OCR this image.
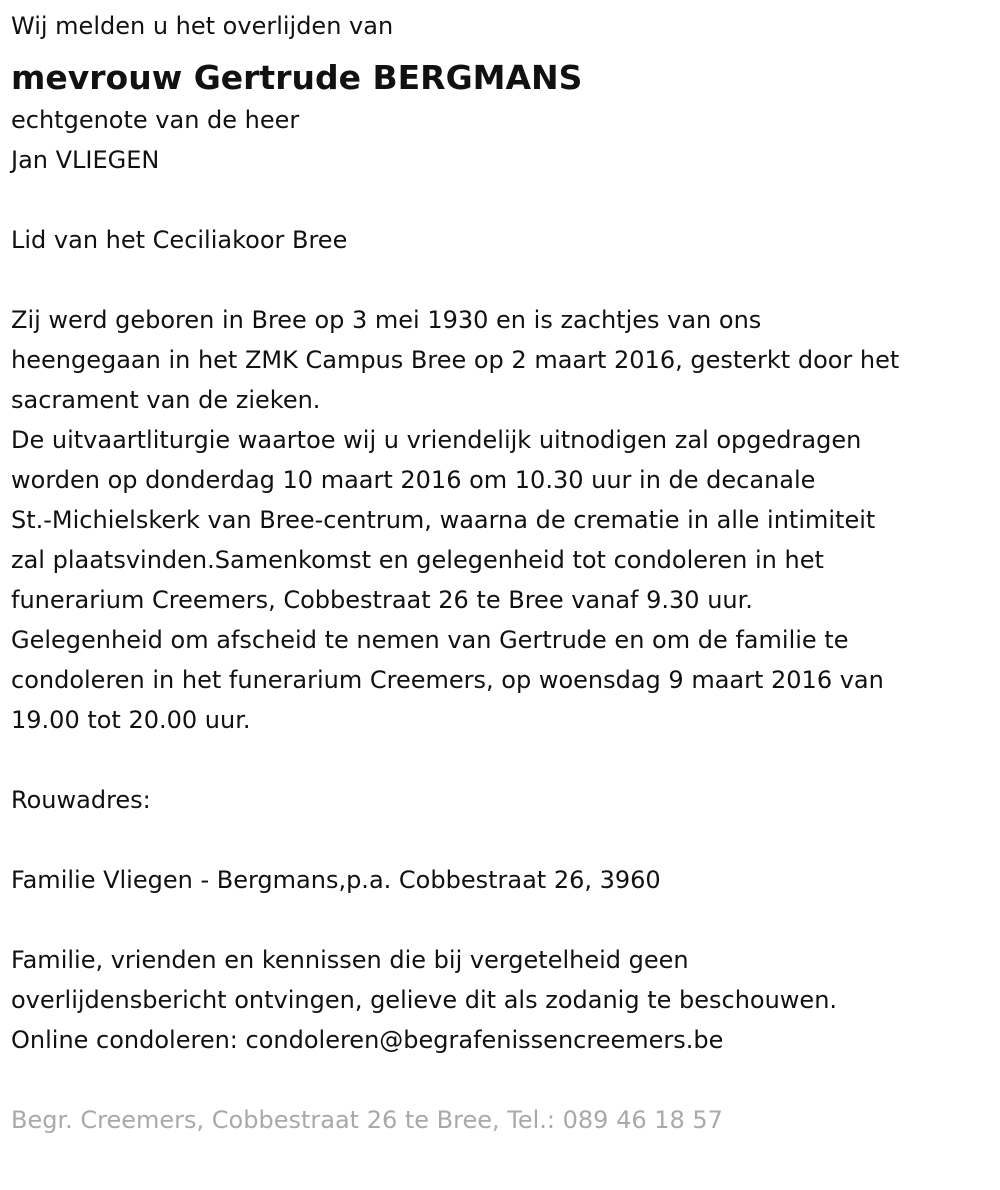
Wij melden u het overlijden van

mevrouw Gertrude BERGMANS

echtgenote van de heer

Jan VLIEGEN

Lid van het Ceciliakoor Bree

Zij werd geboren in Bree op 3 mei 1930 en is zachtjes van ons

heengegaan in het ZMK Campus Bree op 2 maart 2016, gesterkt door het

sacrament van de zieken.

De uitvaartliturgie waartoe wij u vriendelijk uitnodigen zal opgedragen

worden op donderdag 10 maart 2016 om 10.30 uur in de decanale

St.-Michielskerk van Bree-centrum, waarna de crematie in alle intimiteit

zal plaatsvinden.Samenkomst en gelegenheid tot condoleren in het

funerarium Creemers, Cobbestraat 26 te Bree vanaf 9.30 uur.

Gelegenheid om afscheid te nemen van Gertrude en om de familie te

condoleren in het funerarium Creemers, op woensdag 9 maart 2016 van

19.00 tot 20.00 uur.

Rouwadres:

Familie Vliegen - Bergmans,p.a. Cobbestraat 26, 3960

Familie, vrienden en kennissen die bij vergetelheid geen

overlijdensbericht ontvingen, gelieve dit als zodanig te beschouwen.

Online condoleren: condoleren@begrafenissencreemers.be

Begr. Creemers, Cobbestraat 26 te Bree, Tel.: 089 46 18 57
